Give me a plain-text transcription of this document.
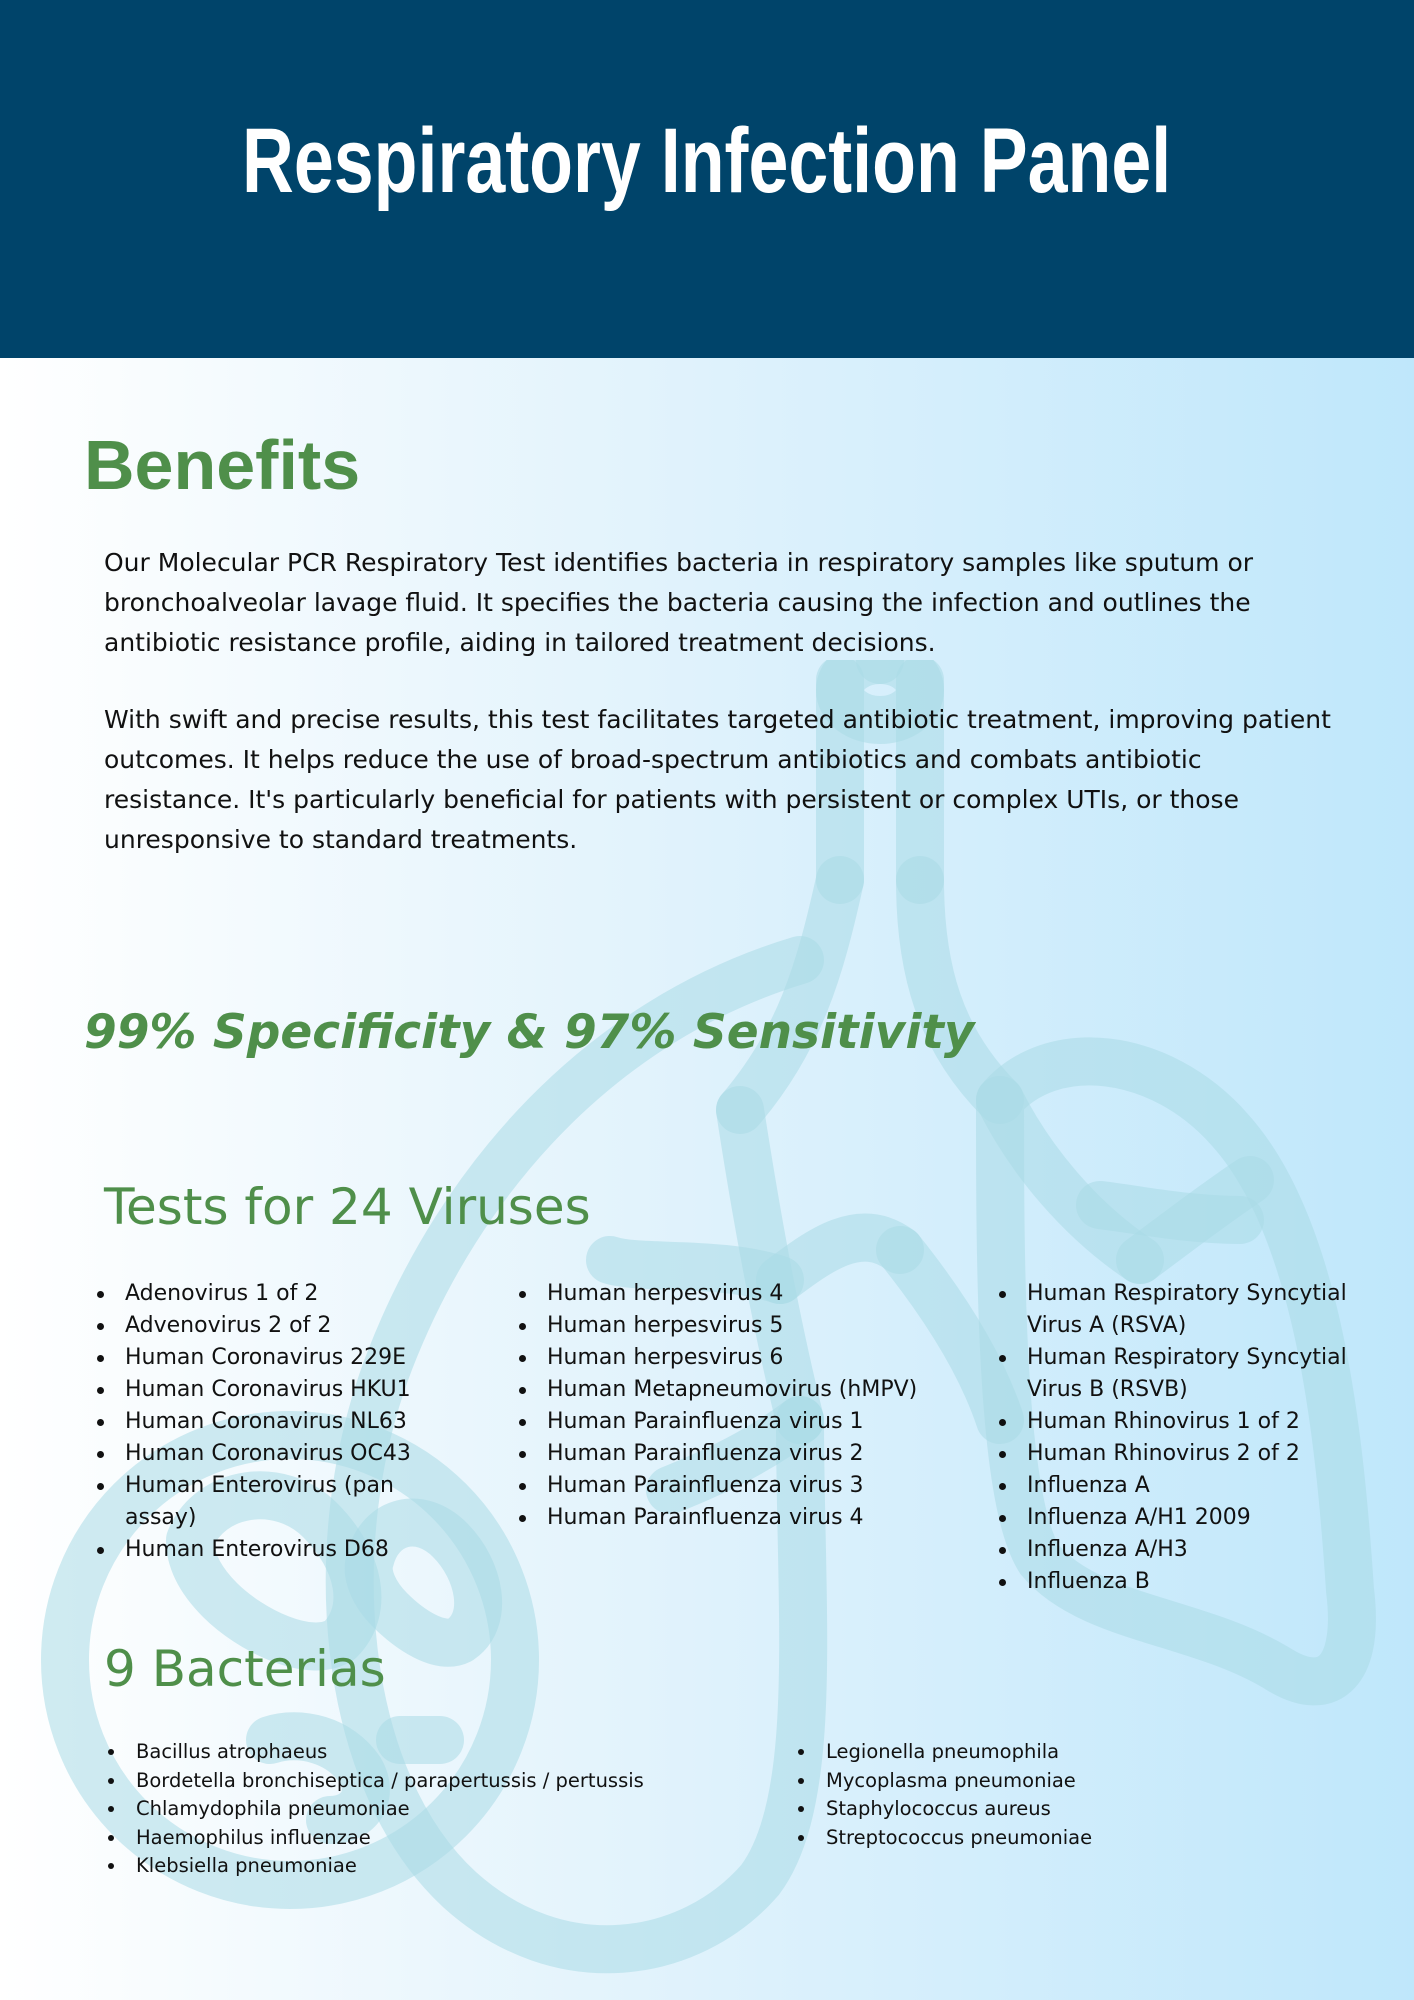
Respiratory Infection Panel
Benefits

Our Molecular PCR Respiratory Test identifies bacteria in respiratory samples like sputum or bronchoalveolar lavage fluid. It specifies the bacteria causing the infection and outlines the antibiotic resistance profile, aiding in tailored treatment decisions.

With swift and precise results, this test facilitates targeted antibiotic treatment, improving patient outcomes. It helps reduce the use of broad-spectrum antibiotics and combats antibiotic resistance. It's particularly beneficial for patients with persistent or complex UTIs, or those unresponsive to standard treatments.

99% Specificity & 97% Sensitivity
Tests for 24 Viruses
Adenovirus 1 of 2
Advenovirus 2 of 2
Human Coronavirus 229E
Human Coronavirus HKU1
Human Coronavirus NL63
Human Coronavirus OC43
Human Enterovirus (pan assay)
Human Enterovirus D68
Human herpesvirus 4
Human herpesvirus 5
Human herpesvirus 6
Human Metapneumovirus (hMPV)
Human Parainfluenza virus 1
Human Parainfluenza virus 2
Human Parainfluenza virus 3
Human Parainfluenza virus 4
Human Respiratory Syncytial Virus A (RSVA)
Human Respiratory Syncytial Virus B (RSVB)
Human Rhinovirus 1 of 2
Human Rhinovirus 2 of 2
Influenza A
Influenza A/H1 2009
Influenza A/H3
Influenza B
9 Bacterias
Bacillus atrophaeus
Bordetella bronchiseptica / parapertussis / pertussis
Chlamydophila pneumoniae
Haemophilus influenzae
Klebsiella pneumoniae
Legionella pneumophila
Mycoplasma pneumoniae
Staphylococcus aureus
Streptococcus pneumoniae
